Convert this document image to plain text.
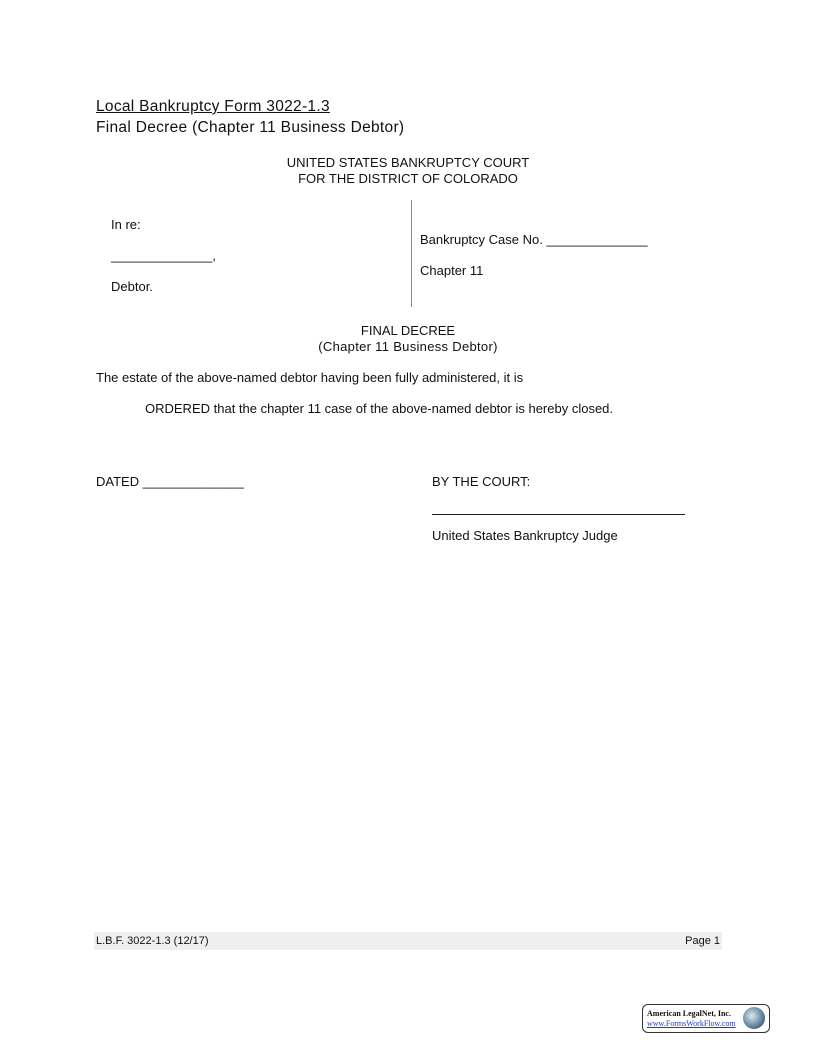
Local Bankruptcy Form 3022-1.3
Final Decree (Chapter 11 Business Debtor)
UNITED STATES BANKRUPTCY COURT
FOR THE DISTRICT OF COLORADO
In re:
______________,
Debtor.
Bankruptcy Case No. ______________
Chapter 11
FINAL DECREE
(Chapter 11 Business Debtor)
The estate of the above-named debtor having been fully administered, it is
ORDERED that the chapter 11 case of the above-named debtor is hereby closed.
DATED ______________	BY THE COURT:
United States Bankruptcy Judge
L.B.F. 3022-1.3 (12/17)	Page 1
American LegalNet, Inc.
www.FormsWorkFlow.com
